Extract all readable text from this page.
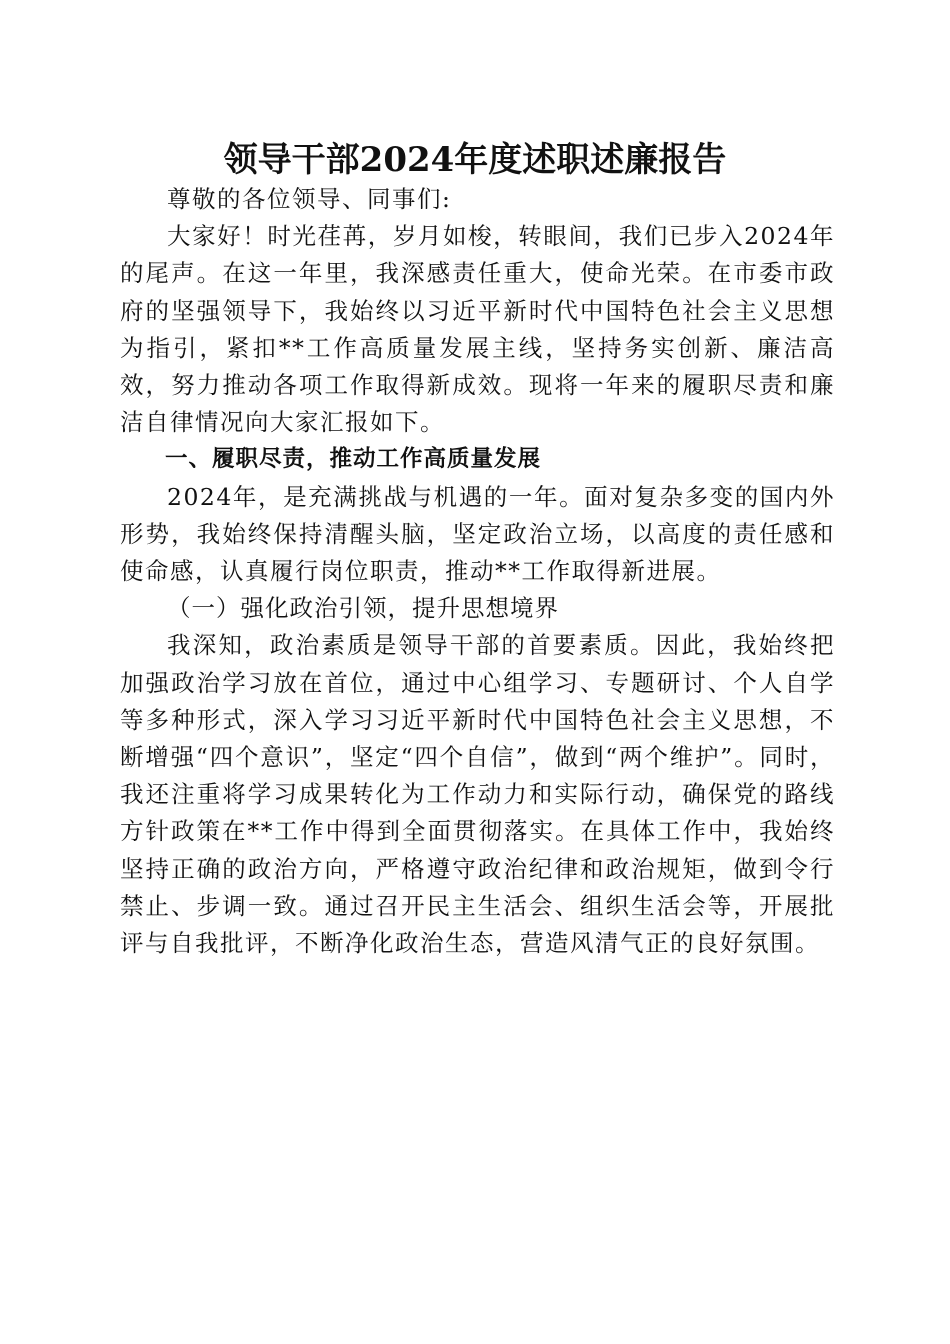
领导干部2024年度述职述廉报告

尊敬的各位领导、同事们:

大家好！时光荏苒，岁月如梭，转眼间，我们已步入2024年的尾声。在这一年里，我深感责任重大，使命光荣。在市委市政府的坚强领导下，我始终以习近平新时代中国特色社会主义思想为指引，紧扣**工作高质量发展主线，坚持务实创新、廉洁高效，努力推动各项工作取得新成效。现将一年来的履职尽责和廉洁自律情况向大家汇报如下。

一、履职尽责，推动工作高质量发展

2024年，是充满挑战与机遇的一年。面对复杂多变的国内外形势，我始终保持清醒头脑，坚定政治立场，以高度的责任感和使命感，认真履行岗位职责，推动**工作取得新进展。

（一）强化政治引领，提升思想境界

我深知，政治素质是领导干部的首要素质。因此，我始终把加强政治学习放在首位，通过中心组学习、专题研讨、个人自学等多种形式，深入学习习近平新时代中国特色社会主义思想，不断增强“四个意识”，坚定“四个自信”，做到“两个维护”。同时，我还注重将学习成果转化为工作动力和实际行动，确保党的路线方针政策在**工作中得到全面贯彻落实。在具体工作中，我始终坚持正确的政治方向，严格遵守政治纪律和政治规矩，做到令行禁止、步调一致。通过召开民主生活会、组织生活会等，开展批评与自我批评，不断净化政治生态，营造风清气正的良好氛围。
